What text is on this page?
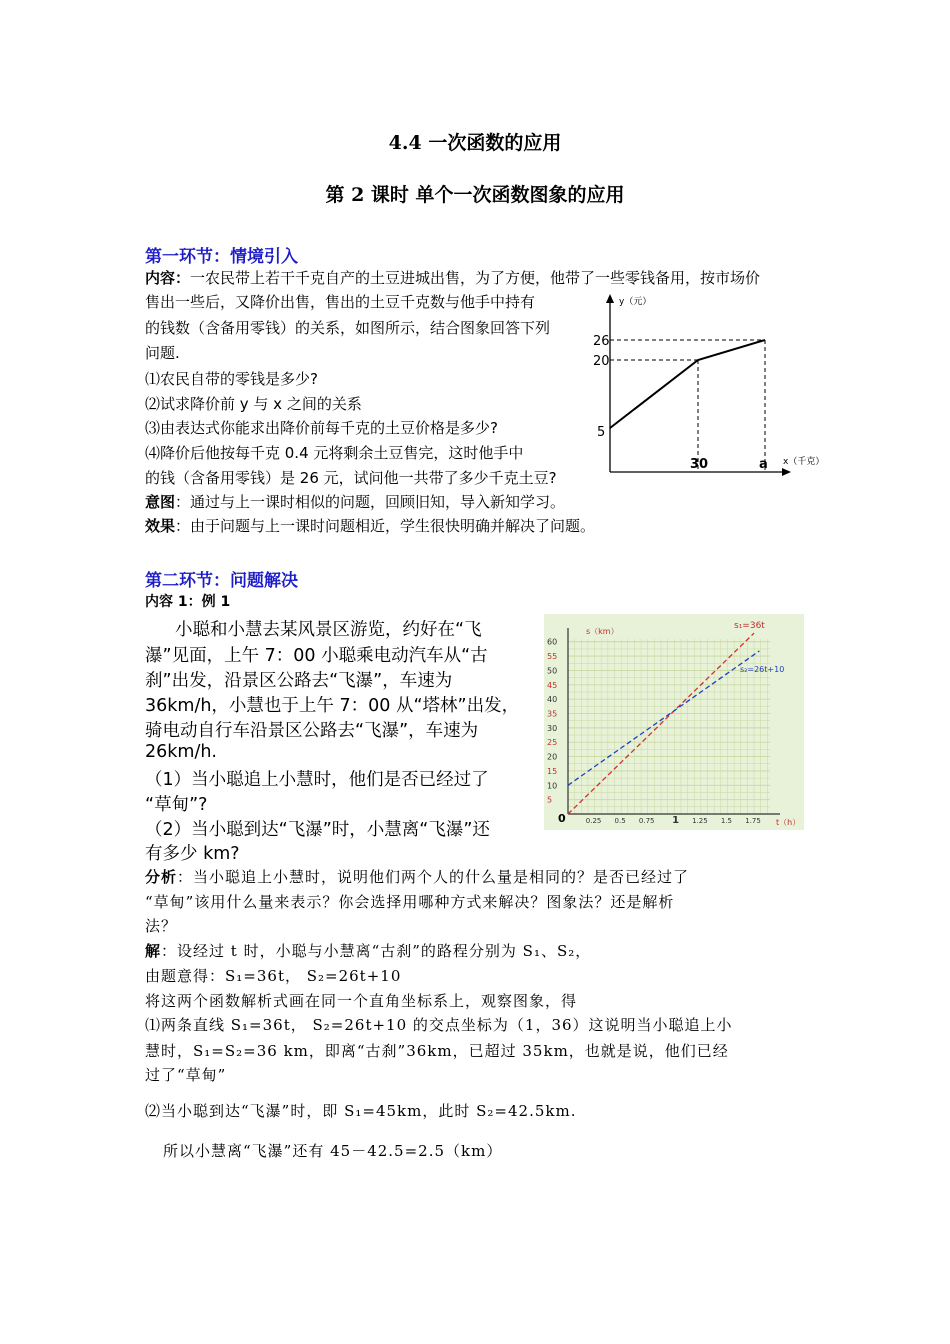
4.4 一次函数的应用
第 2 课时 单个一次函数图象的应用
第一环节：情境引入
内容：一农民带上若干千克自产的土豆进城出售，为了方便，他带了一些零钱备用，按市场价
售出一些后，又降价出售，售出的土豆千克数与他手中持有
的钱数（含备用零钱）的关系，如图所示，结合图象回答下列
问题.
⑴农民自带的零钱是多少?
⑵试求降价前 y 与 x 之间的关系
⑶由表达式你能求出降价前每千克的土豆价格是多少?
⑷降价后他按每千克 0.4 元将剩余土豆售完，这时他手中
的钱（含备用零钱）是 26 元，试问他一共带了多少千克土豆?
意图：通过与上一课时相似的问题，回顾旧知，导入新知学习。
效果：由于问题与上一课时问题相近，学生很快明确并解决了问题。
y（元）
x（千克）
26
20
5
30	a
第二环节：问题解决
内容 1：例 1
小聪和小慧去某风景区游览，约好在“飞
瀑”见面，上午 7：00 小聪乘电动汽车从“古
刹”出发，沿景区公路去“飞瀑”，车速为
36km/h，小慧也于上午 7：00 从“塔林”出发，
骑电动自行车沿景区公路去“飞瀑”，车速为
26km/h.
（1）当小聪追上小慧时，他们是否已经过了
“草甸”?
（2）当小聪到达“飞瀑”时，小慧离“飞瀑”还
有多少 km?
60
55
50
45
40
35
30
25
20
15
10
5
0.25 0.5 0.75 1 1.25 1.5 1.75
s（km）
s₁=36t
s₂=26t+10
t（h）
0
分析：当小聪追上小慧时，说明他们两个人的什么量是相同的？是否已经过了
“草甸”该用什么量来表示？你会选择用哪种方式来解决？图象法？还是解析
法？
解：设经过 t 时，小聪与小慧离“古刹”的路程分别为 S₁、S₂，
由题意得：S₁=36t， S₂=26t+10
将这两个函数解析式画在同一个直角坐标系上，观察图象，得
⑴两条直线 S₁=36t， S₂=26t+10 的交点坐标为（1，36）这说明当小聪追上小
慧时，S₁=S₂=36 km，即离“古刹”36km，已超过 35km，也就是说，他们已经
过了“草甸”
⑵当小聪到达“飞瀑”时，即 S₁=45km，此时 S₂=42.5km.
所以小慧离“飞瀑”还有 45－42.5=2.5（km）
